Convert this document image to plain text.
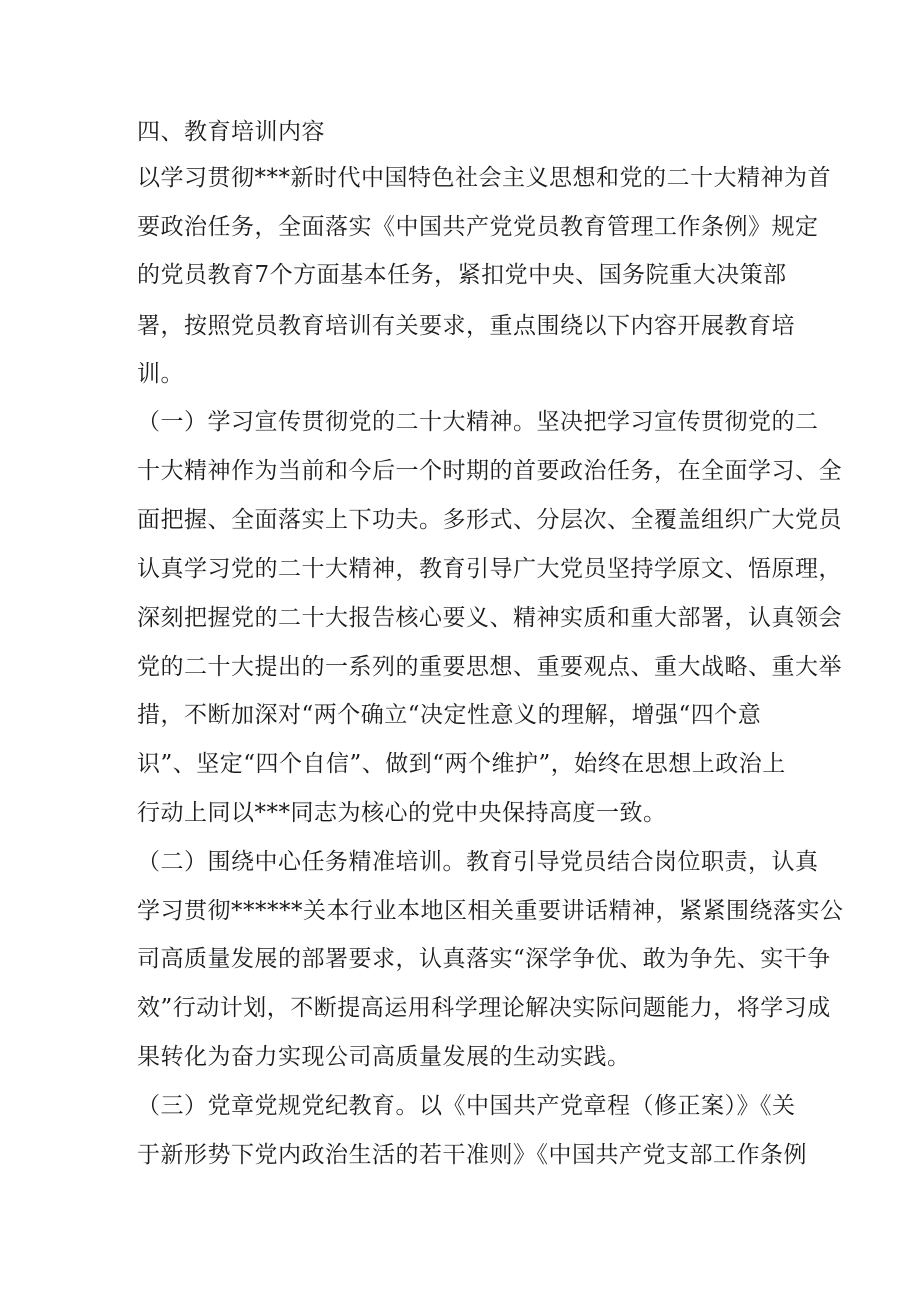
四、教育培训内容
以学习贯彻***新时代中国特色社会主义思想和党的二十大精神为首
要政治任务，全面落实《中国共产党党员教育管理工作条例》规定
的党员教育7个方面基本任务，紧扣党中央、国务院重大决策部
署，按照党员教育培训有关要求，重点围绕以下内容开展教育培
训。
（一）学习宣传贯彻党的二十大精神。坚决把学习宣传贯彻党的二
十大精神作为当前和今后一个时期的首要政治任务，在全面学习、全
面把握、全面落实上下功夫。多形式、分层次、全覆盖组织广大党员
认真学习党的二十大精神，教育引导广大党员坚持学原文、悟原理，
深刻把握党的二十大报告核心要义、精神实质和重大部署，认真领会
党的二十大提出的一系列的重要思想、重要观点、重大战略、重大举
措，不断加深对“两个确立“决定性意义的理解，增强“四个意
识”、坚定“四个自信”、做到“两个维护”，始终在思想上政治上
行动上同以***同志为核心的党中央保持高度一致。
（二）围绕中心任务精准培训。教育引导党员结合岗位职责，认真
学习贯彻******关本行业本地区相关重要讲话精神，紧紧围绕落实公
司高质量发展的部署要求，认真落实“深学争优、敢为争先、实干争
效”行动计划，不断提高运用科学理论解决实际问题能力，将学习成
果转化为奋力实现公司高质量发展的生动实践。
（三）党章党规党纪教育。以《中国共产党章程（修正案）》《关
于新形势下党内政治生活的若干准则》《中国共产党支部工作条例
